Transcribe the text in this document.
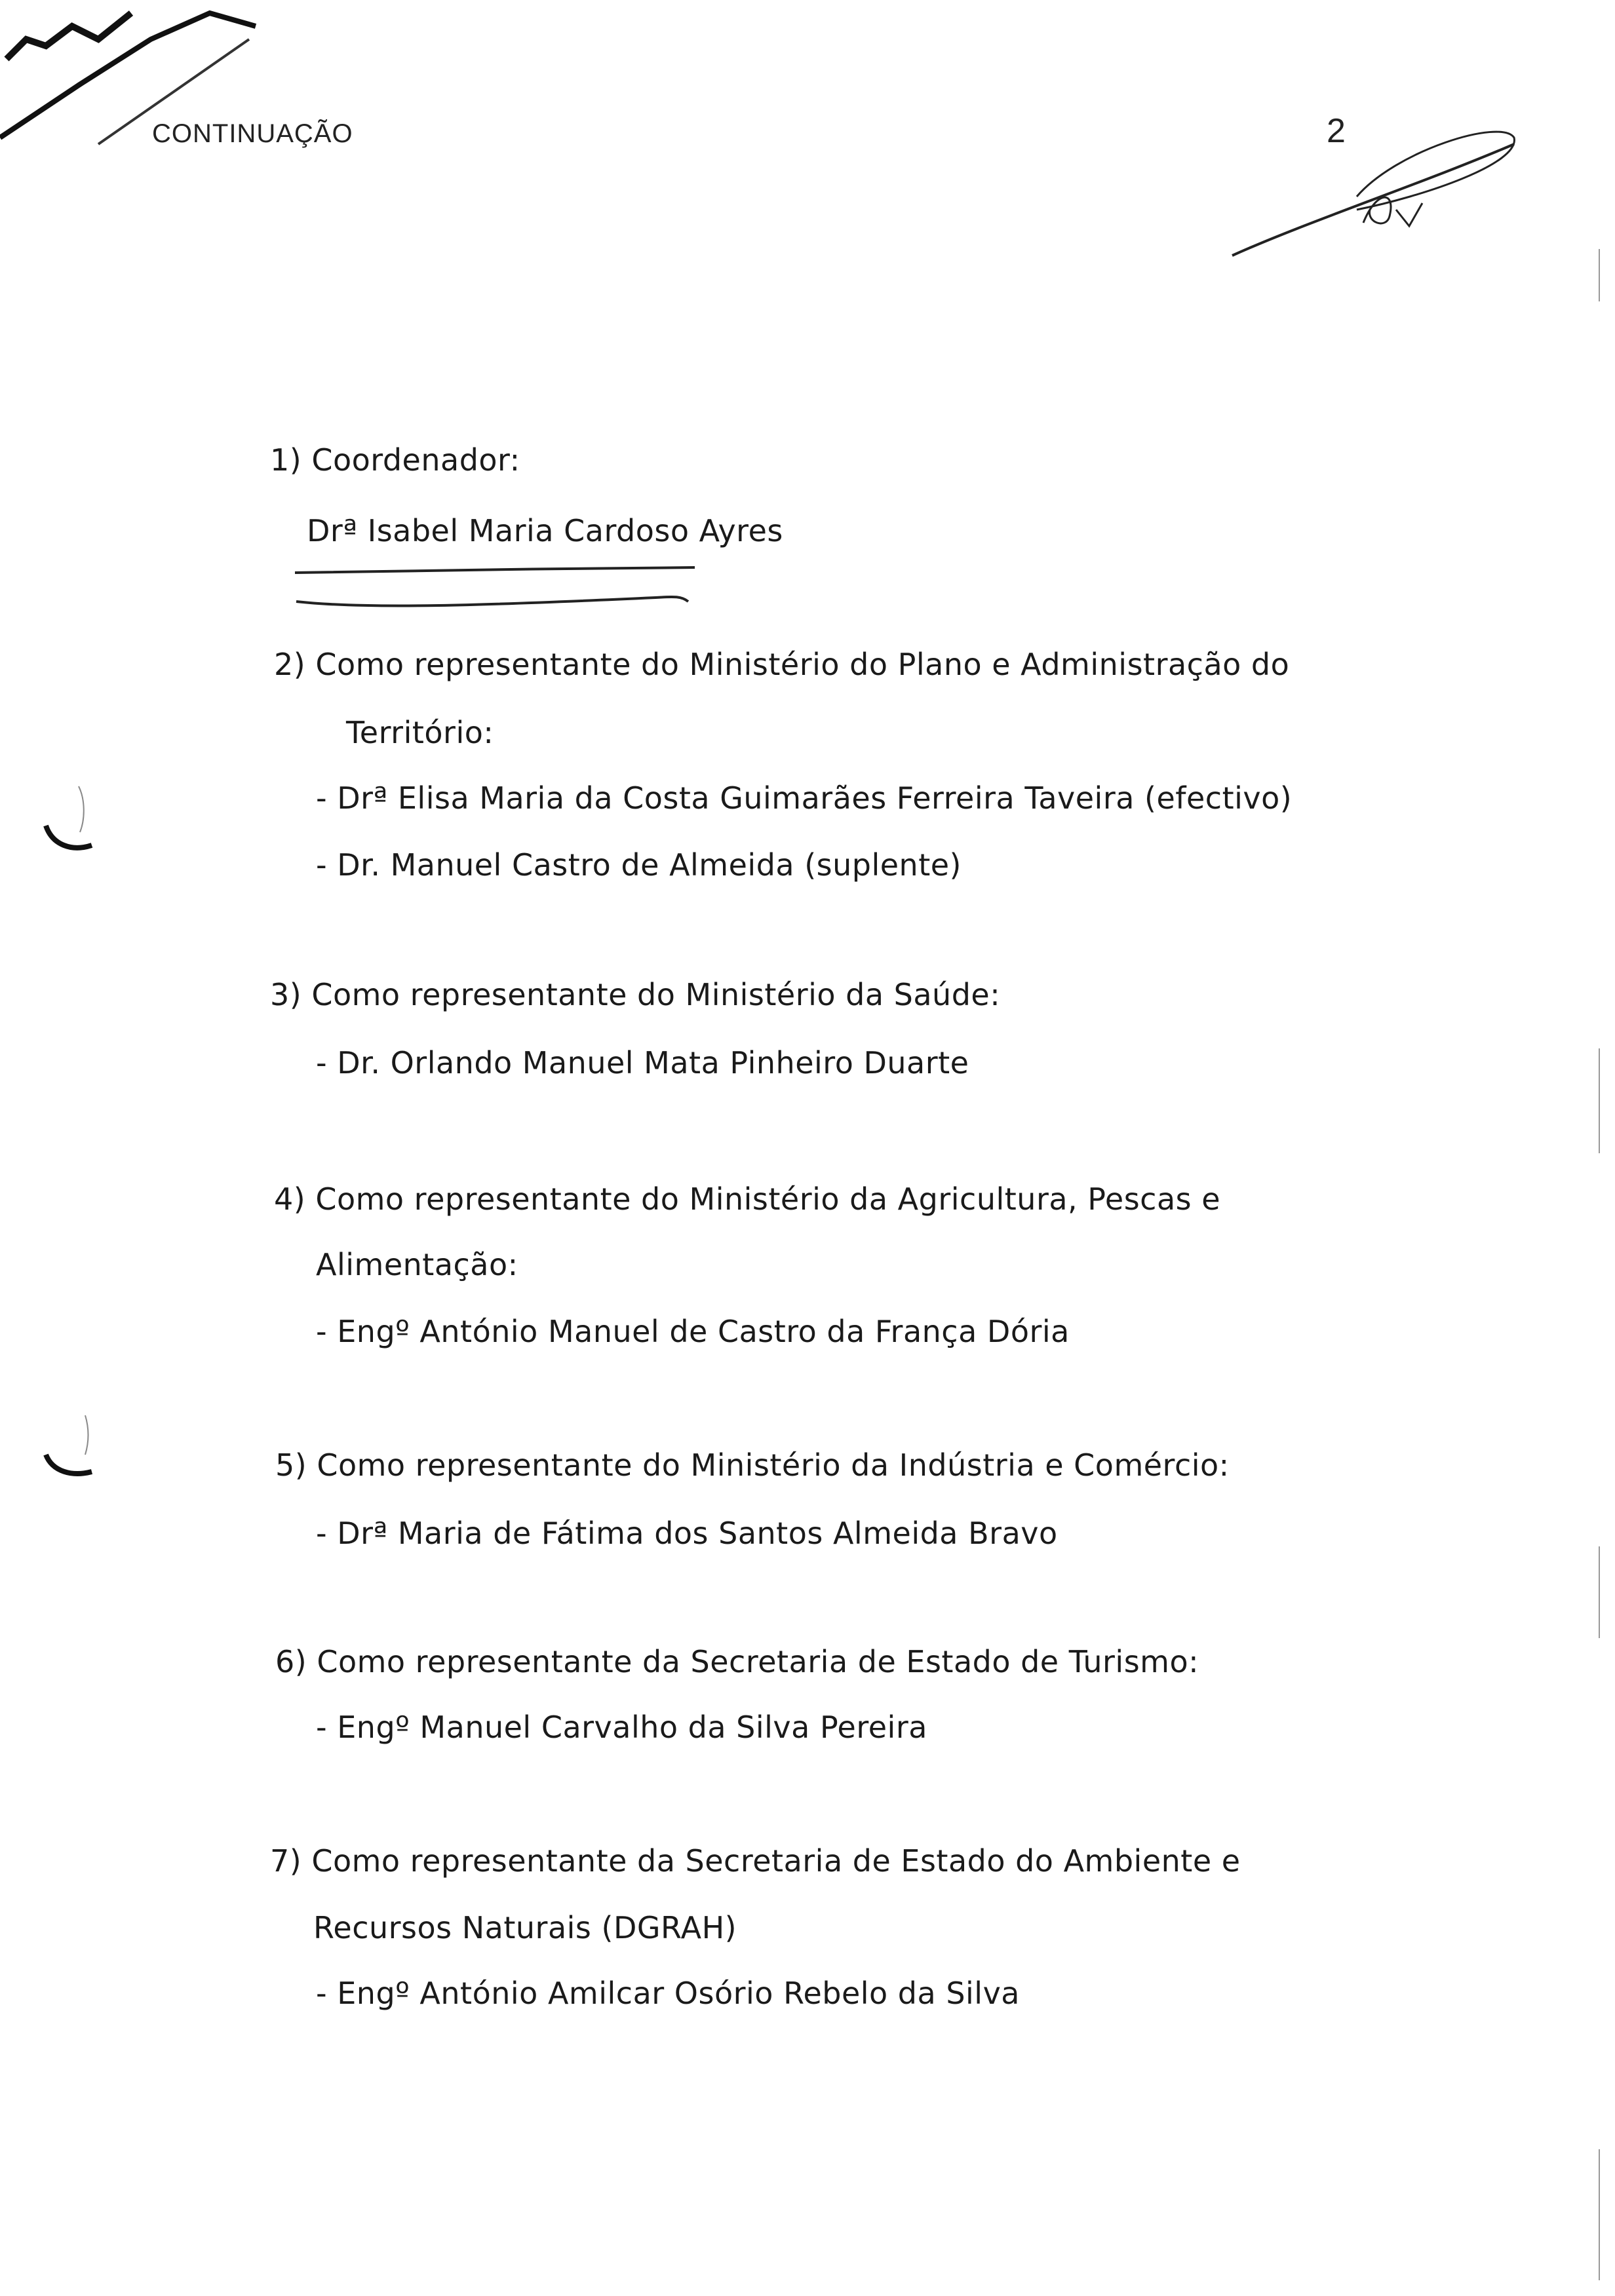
CONTINUAÇÃO	2
1) Coordenador:
Drª Isabel Maria Cardoso Ayres
2) Como representante do Ministério do Plano e Administração do
Território:
- Drª Elisa Maria da Costa Guimarães Ferreira Taveira (efectivo)
- Dr. Manuel Castro de Almeida (suplente)
3) Como representante do Ministério da Saúde:
- Dr. Orlando Manuel Mata Pinheiro Duarte
4) Como representante do Ministério da Agricultura, Pescas e
Alimentação:
- Engº António Manuel de Castro da França Dória
5) Como representante do Ministério da Indústria e Comércio:
- Drª Maria de Fátima dos Santos Almeida Bravo
6) Como representante da Secretaria de Estado de Turismo:
- Engº Manuel Carvalho da Silva Pereira
7) Como representante da Secretaria de Estado do Ambiente e
Recursos Naturais (DGRAH)
- Engº António Amilcar Osório Rebelo da Silva
